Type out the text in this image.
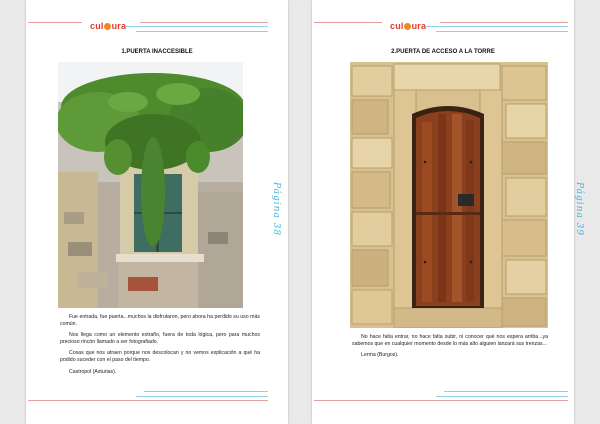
cul ura
1.PUERTA INACCESIBLE

Fue entrada, fue puerta...muchos la disfrutaron, pero ahora ha perdido su uso más común.

Nos llega como un elemento extraño, fuera de toda lógica, pero para muchos precioso rincón llamado a ser fotografiado.

Cosas que nos atraen porque nos descolocan y no vemos explicación a qué ha podido suceder con el paso del tiempo.

Castropol (Asturias).

Página 38
cul ura
2.PUERTA DE ACCESO A LA TORRE

No hace falta entrar, no hace falta subir, ni conocer qué nos espera arriba...ya sabemos que en cualquier momento desde lo más alto alguien lanzará sus trenzas...

Lerma (Burgos).

Página 39
